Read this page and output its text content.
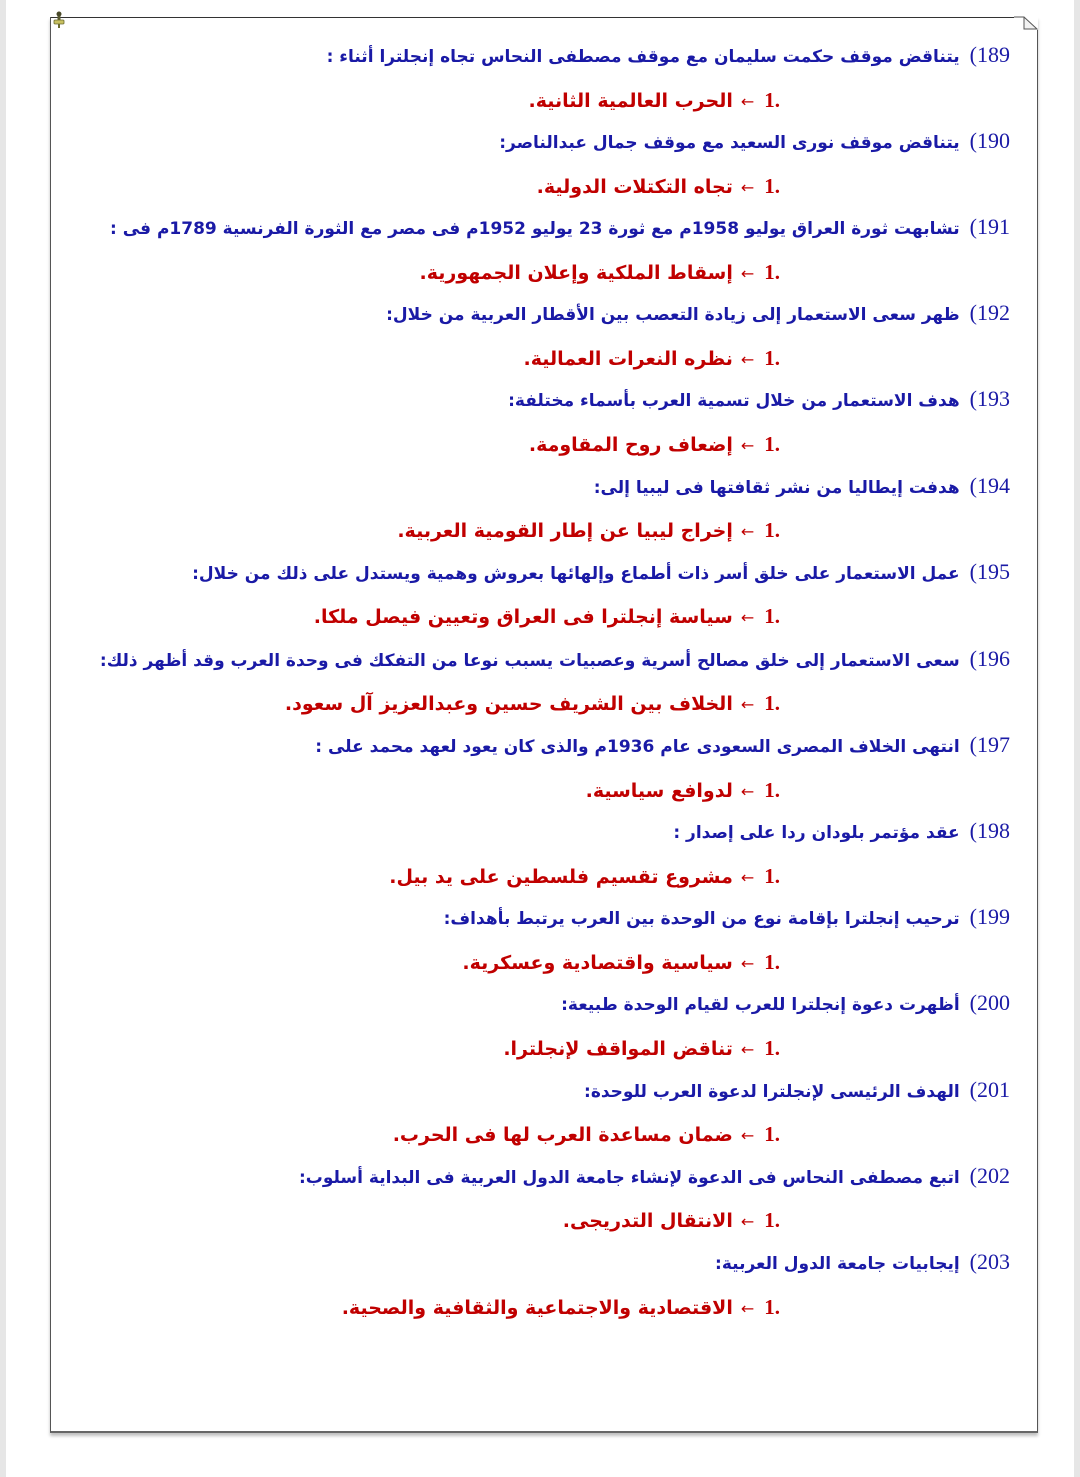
189)يتناقض موقف حكمت سليمان مع موقف مصطفى النحاس تجاه إنجلترا أثناء :
.1←الحرب العالمية الثانية.
190)يتناقض موقف نورى السعيد مع موقف جمال عبدالناصر:
.1←تجاه التكتلات الدولية.
191)تشابهت ثورة العراق يوليو 1958م مع ثورة 23 يوليو 1952م فى مصر مع الثورة الفرنسية 1789م فى :
.1←إسقاط الملكية وإعلان الجمهورية.
192)ظهر سعى الاستعمار إلى زيادة التعصب بين الأقطار العربية من خلال:
.1←نظره النعرات العمالية.
193)هدف الاستعمار من خلال تسمية العرب بأسماء مختلفة:
.1←إضعاف روح المقاومة.
194)هدفت إيطاليا من نشر ثقافتها فى ليبيا إلى:
.1←إخراج ليبيا عن إطار القومية العربية.
195)عمل الاستعمار على خلق أسر ذات أطماع وإلهائها بعروش وهمية ويستدل على ذلك من خلال:
.1←سياسة إنجلترا فى العراق وتعيين فيصل ملكا.
196)سعى الاستعمار إلى خلق مصالح أسرية وعصبيات يسبب نوعا من التفكك فى وحدة العرب وقد أظهر ذلك:
.1←الخلاف بين الشريف حسين وعبدالعزيز آل سعود.
197)انتهى الخلاف المصرى السعودى عام 1936م والذى كان يعود لعهد محمد على :
.1←لدوافع سياسية.
198)عقد مؤتمر بلودان ردا على إصدار :
.1←مشروع تقسيم فلسطين على يد بيل.
199)ترحيب إنجلترا بإقامة نوع من الوحدة بين العرب يرتبط بأهداف:
.1←سياسية واقتصادية وعسكرية.
200)أظهرت دعوة إنجلترا للعرب لقيام الوحدة طبيعة:
.1←تناقض المواقف لإنجلترا.
201)الهدف الرئيسى لإنجلترا لدعوة العرب للوحدة:
.1←ضمان مساعدة العرب لها فى الحرب.
202)اتبع مصطفى النحاس فى الدعوة لإنشاء جامعة الدول العربية فى البداية أسلوب:
.1←الانتقال التدريجى.
203)إيجابيات جامعة الدول العربية:
.1←الاقتصادية والاجتماعية والثقافية والصحية.
